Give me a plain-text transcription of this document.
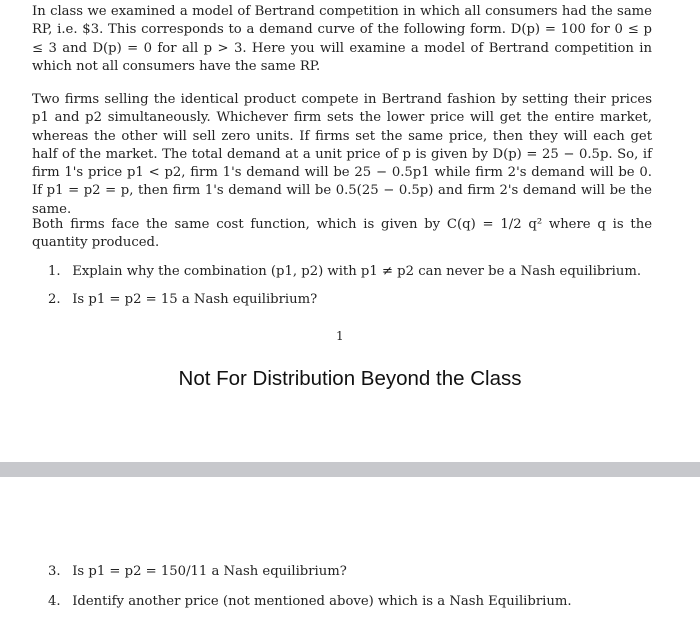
In class we examined a model of Bertrand competition in which all consumers had the same RP, i.e. $3. This corresponds to a demand curve of the following form. D(p) = 100 for 0 ≤ p ≤ 3 and D(p) = 0 for all p > 3. Here you will examine a model of Bertrand competition in which not all consumers have the same RP.

Two firms selling the identical product compete in Bertrand fashion by setting their prices p1 and p2 simultaneously. Whichever firm sets the lower price will get the entire market, whereas the other will sell zero units. If firms set the same price, then they will each get half of the market. The total demand at a unit price of p is given by D(p) = 25 − 0.5p. So, if firm 1's price p1 < p2, firm 1's demand will be 25 − 0.5p1 while firm 2's demand will be 0. If p1 = p2 = p, then firm 1's demand will be 0.5(25 − 0.5p) and firm 2's demand will be the same.

Both firms face the same cost function, which is given by C(q) = 1/2 q² where q is the quantity produced.

1. Explain why the combination (p1, p2) with p1 ≠ p2 can never be a Nash equilibrium.
2. Is p1 = p2 = 15 a Nash equilibrium?
1
Not For Distribution Beyond the Class
3. Is p1 = p2 = 150/11 a Nash equilibrium?
4. Identify another price (not mentioned above) which is a Nash Equilibrium.
